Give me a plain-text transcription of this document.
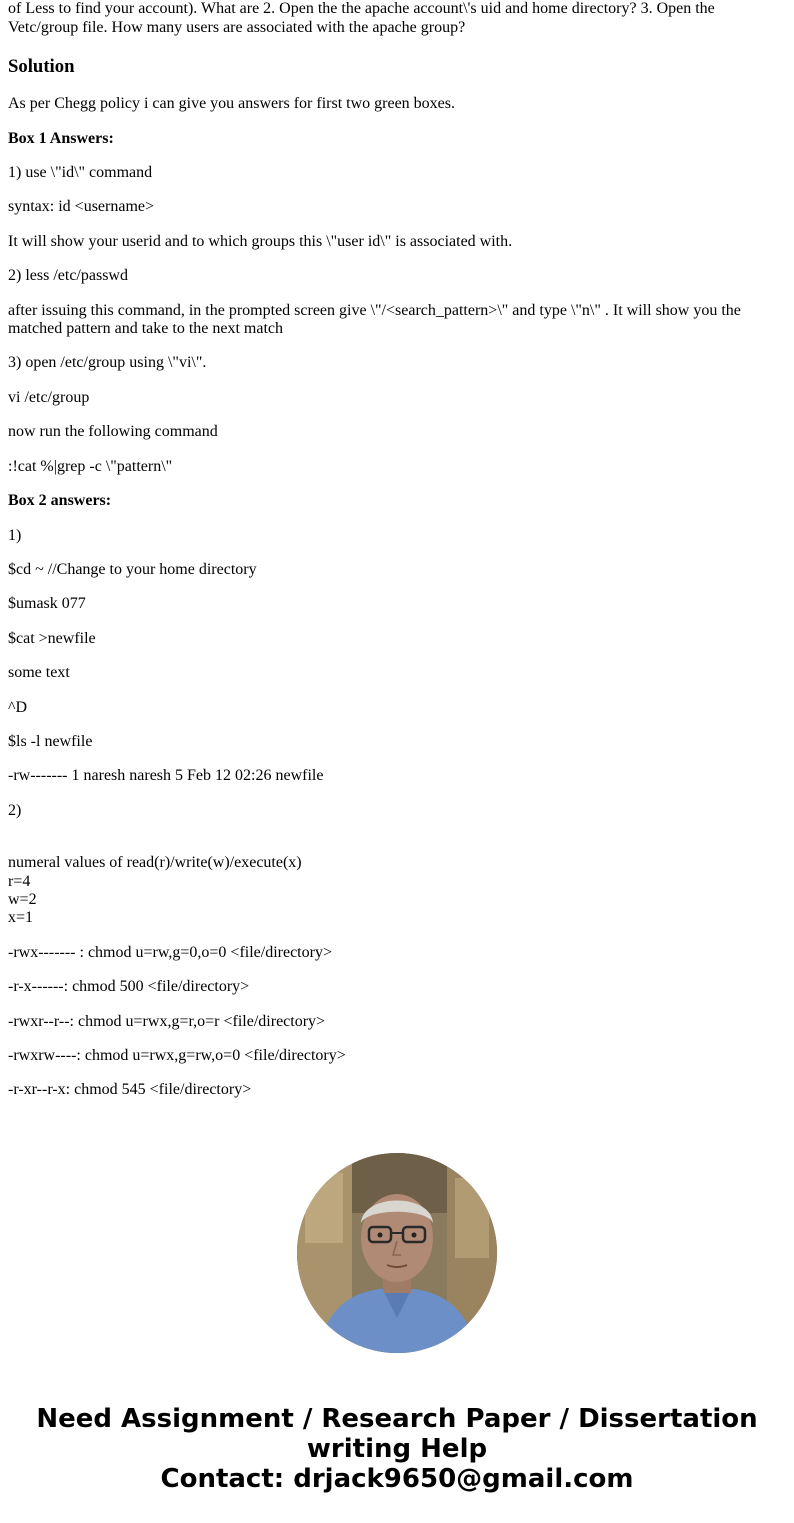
of Less to find your account). What are 2. Open the the apache account\'s uid and home directory? 3. Open the
Vetc/group file. How many users are associated with the apache group?

Solution

As per Chegg policy i can give you answers for first two green boxes.

Box 1 Answers:

1) use \"id\" command

syntax: id <username>

It will show your userid and to which groups this \"user id\" is associated with.

2) less /etc/passwd

after issuing this command, in the prompted screen give \"/<search_pattern>\" and type \"n\" . It will show you the matched pattern and take to the next match

3) open /etc/group using \"vi\".

vi /etc/group

now run the following command

:!cat %|grep -c \"pattern\"

Box 2 answers:

1)

$cd ~ //Change to your home directory

$umask 077

$cat >newfile

some text

^D

$ls -l newfile

-rw------- 1 naresh naresh 5 Feb 12 02:26 newfile

2)

numeral values of read(r)/write(w)/execute(x)
r=4
w=2
x=1

-rwx------- : chmod u=rw,g=0,o=0 <file/directory>

-r-x------: chmod 500 <file/directory>

-rwxr--r--: chmod u=rwx,g=r,o=r <file/directory>

-rwxrw----: chmod u=rwx,g=rw,o=0 <file/directory>

-r-xr--r-x: chmod 545 <file/directory>

Need Assignment / Research Paper / Dissertation
writing Help
Contact: drjack9650@gmail.com
